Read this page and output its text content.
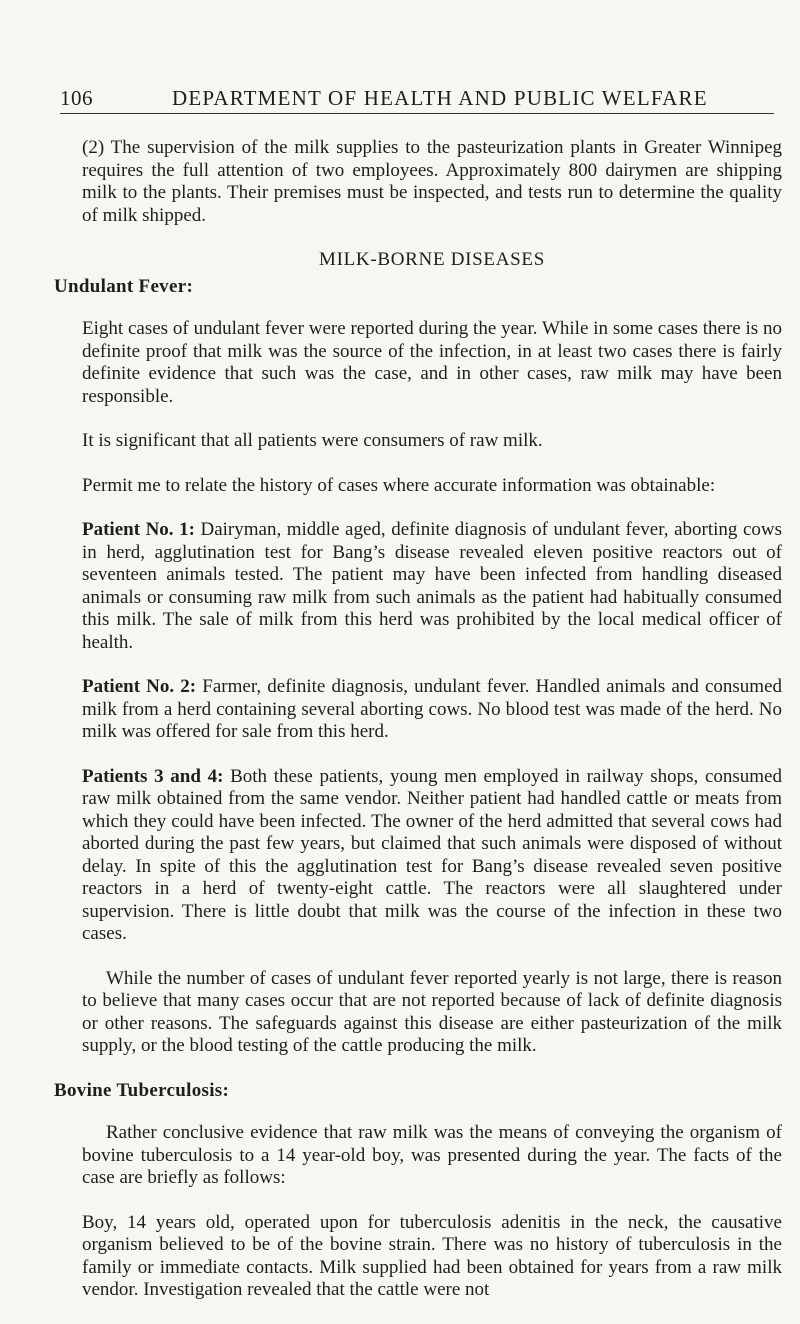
106	DEPARTMENT OF HEALTH AND PUBLIC WELFARE

(2) The supervision of the milk supplies to the pasteurization plants in Greater Winnipeg requires the full attention of two employees. Approximately 800 dairymen are shipping milk to the plants. Their premises must be inspected, and tests run to determine the quality of milk shipped.

MILK-BORNE DISEASES
Undulant Fever:

Eight cases of undulant fever were reported during the year. While in some cases there is no definite proof that milk was the source of the infection, in at least two cases there is fairly definite evidence that such was the case, and in other cases, raw milk may have been responsible.

It is significant that all patients were consumers of raw milk.

Permit me to relate the history of cases where accurate information was obtainable:

Patient No. 1: Dairyman, middle aged, definite diagnosis of undulant fever, aborting cows in herd, agglutination test for Bang’s disease revealed eleven positive reactors out of seventeen animals tested. The patient may have been infected from handling diseased animals or consuming raw milk from such animals as the patient had habitually consumed this milk. The sale of milk from this herd was prohibited by the local medical officer of health.

Patient No. 2: Farmer, definite diagnosis, undulant fever. Handled animals and consumed milk from a herd containing several aborting cows. No blood test was made of the herd. No milk was offered for sale from this herd.

Patients 3 and 4: Both these patients, young men employed in railway shops, consumed raw milk obtained from the same vendor. Neither patient had handled cattle or meats from which they could have been infected. The owner of the herd admitted that several cows had aborted during the past few years, but claimed that such animals were disposed of without delay. In spite of this the agglutination test for Bang’s disease revealed seven positive reactors in a herd of twenty-eight cattle. The reactors were all slaughtered under supervision. There is little doubt that milk was the course of the infection in these two cases.

While the number of cases of undulant fever reported yearly is not large, there is reason to believe that many cases occur that are not reported because of lack of definite diagnosis or other reasons. The safeguards against this disease are either pasteurization of the milk supply, or the blood testing of the cattle producing the milk.

Bovine Tuberculosis:

Rather conclusive evidence that raw milk was the means of conveying the organism of bovine tuberculosis to a 14 year-old boy, was presented during the year. The facts of the case are briefly as follows:

Boy, 14 years old, operated upon for tuberculosis adenitis in the neck, the causative organism believed to be of the bovine strain. There was no history of tuberculosis in the family or immediate contacts. Milk supplied had been obtained for years from a raw milk vendor. Investigation revealed that the cattle were not
